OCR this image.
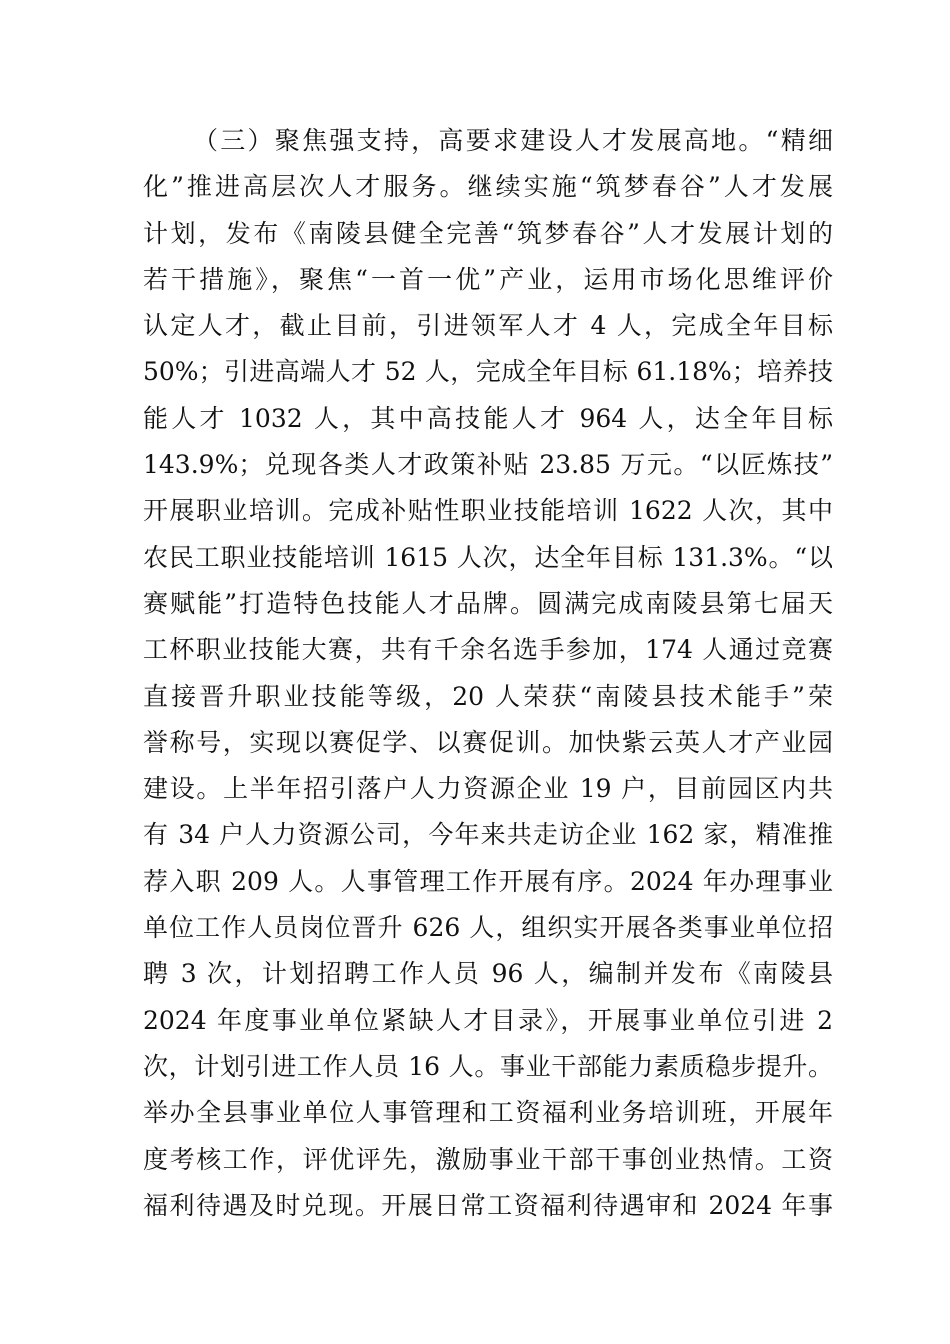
（三）聚焦强支持，高要求建设人才发展高地。“精细
化”推进高层次人才服务。继续实施“筑梦春谷”人才发展
计划，发布《南陵县健全完善“筑梦春谷”人才发展计划的
若干措施》，聚焦“一首一优”产业，运用市场化思维评价
认定人才，截止目前，引进领军人才 4 人，完成全年目标
50%；引进高端人才 52 人，完成全年目标 61.18%；培养技
能人才 1032 人，其中高技能人才 964 人，达全年目标
143.9%；兑现各类人才政策补贴 23.85 万元。“以匠炼技”
开展职业培训。完成补贴性职业技能培训 1622 人次，其中
农民工职业技能培训 1615 人次，达全年目标 131.3%。“以
赛赋能”打造特色技能人才品牌。圆满完成南陵县第七届天
工杯职业技能大赛，共有千余名选手参加，174 人通过竞赛
直接晋升职业技能等级，20 人荣获“南陵县技术能手”荣
誉称号，实现以赛促学、以赛促训。加快紫云英人才产业园
建设。上半年招引落户人力资源企业 19 户，目前园区内共
有 34 户人力资源公司，今年来共走访企业 162 家，精准推
荐入职 209 人。人事管理工作开展有序。2024 年办理事业
单位工作人员岗位晋升 626 人，组织实开展各类事业单位招
聘 3 次，计划招聘工作人员 96 人，编制并发布《南陵县
2024 年度事业单位紧缺人才目录》，开展事业单位引进 2
次，计划引进工作人员 16 人。事业干部能力素质稳步提升。
举办全县事业单位人事管理和工资福利业务培训班，开展年
度考核工作，评优评先，激励事业干部干事创业热情。工资
福利待遇及时兑现。开展日常工资福利待遇审和 2024 年事
